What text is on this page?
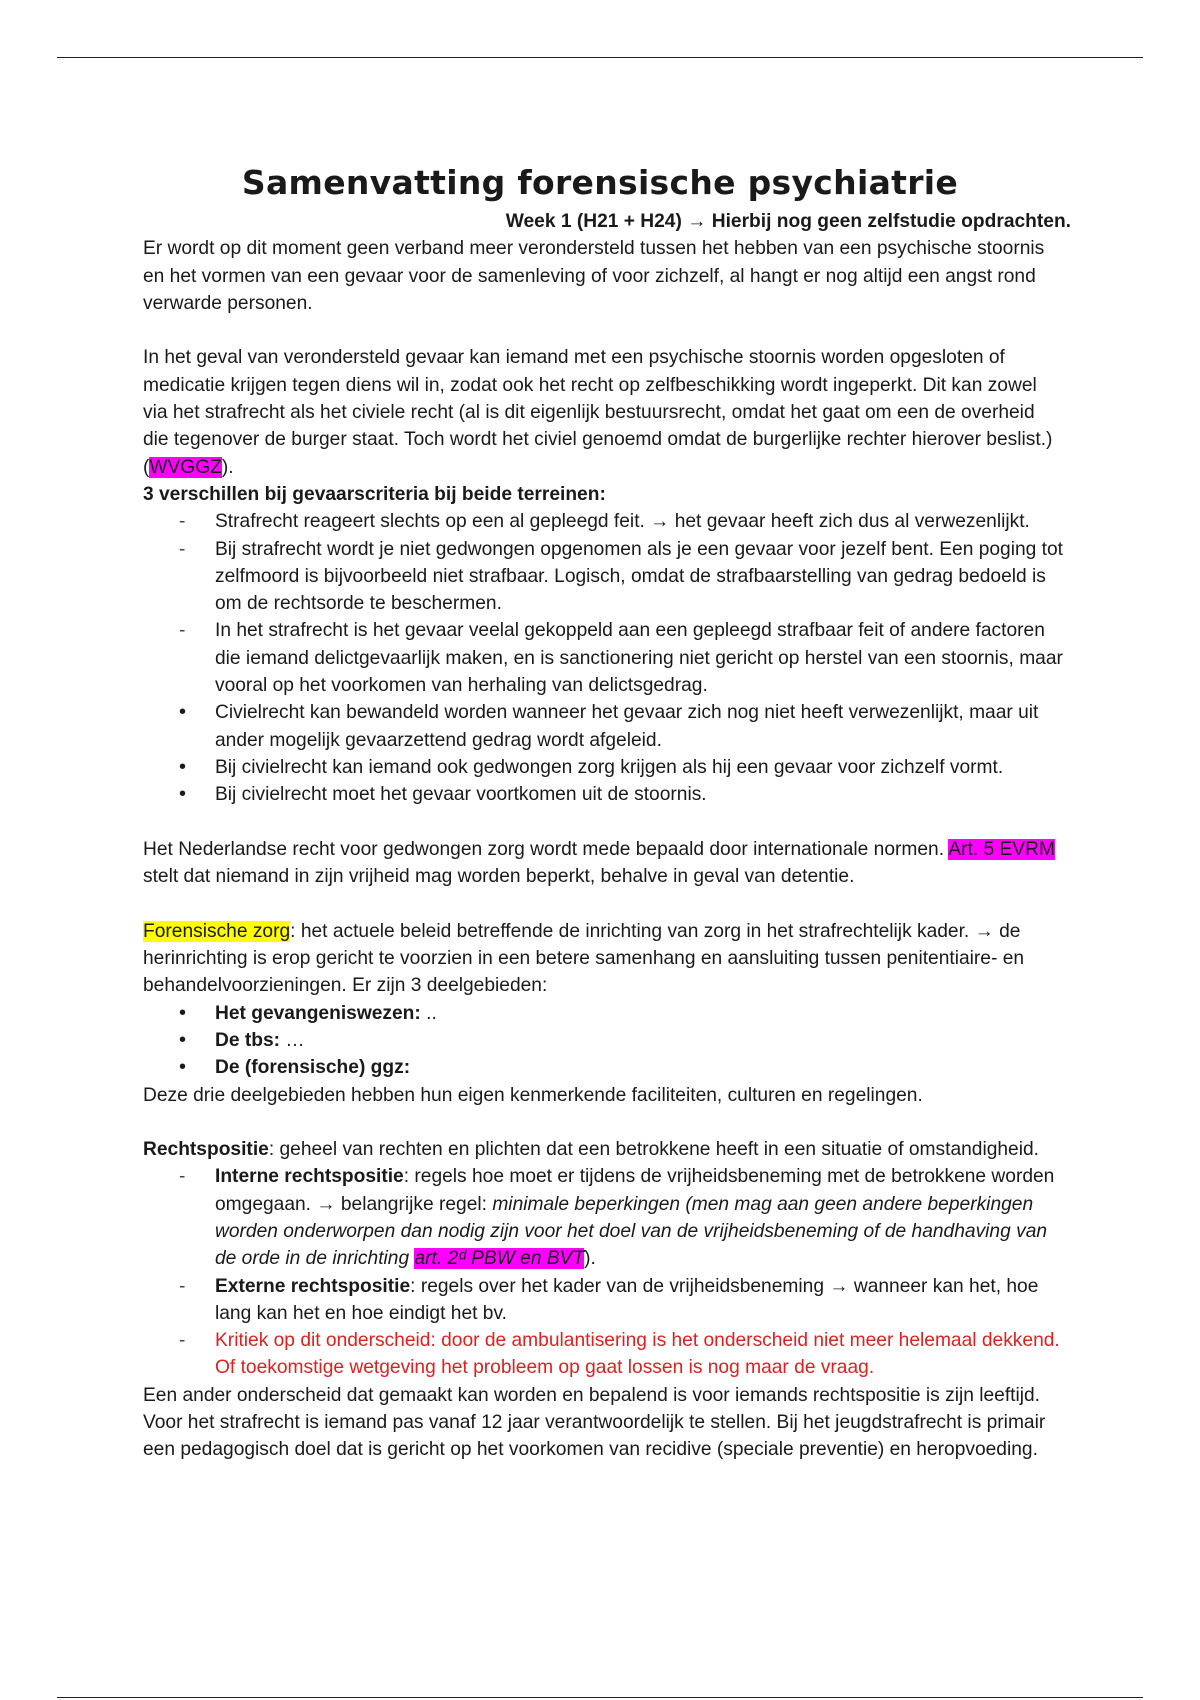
Samenvatting forensische psychiatrie

Week 1 (H21 + H24) → Hierbij nog geen zelfstudie opdrachten.

Er wordt op dit moment geen verband meer verondersteld tussen het hebben van een psychische stoornis en het vormen van een gevaar voor de samenleving of voor zichzelf, al hangt er nog altijd een angst rond verwarde personen.

In het geval van verondersteld gevaar kan iemand met een psychische stoornis worden opgesloten of medicatie krijgen tegen diens wil in, zodat ook het recht op zelfbeschikking wordt ingeperkt. Dit kan zowel via het strafrecht als het civiele recht (al is dit eigenlijk bestuursrecht, omdat het gaat om een de overheid die tegenover de burger staat. Toch wordt het civiel genoemd omdat de burgerlijke rechter hierover beslist.) (WVGGZ).

3 verschillen bij gevaarscriteria bij beide terreinen:

-	Strafrecht reageert slechts op een al gepleegd feit. → het gevaar heeft zich dus al verwezenlijkt.
-	Bij strafrecht wordt je niet gedwongen opgenomen als je een gevaar voor jezelf bent. Een poging tot zelfmoord is bijvoorbeeld niet strafbaar. Logisch, omdat de strafbaarstelling van gedrag bedoeld is om de rechtsorde te beschermen.
-	In het strafrecht is het gevaar veelal gekoppeld aan een gepleegd strafbaar feit of andere factoren die iemand delictgevaarlijk maken, en is sanctionering niet gericht op herstel van een stoornis, maar vooral op het voorkomen van herhaling van delictsgedrag.
•	Civielrecht kan bewandeld worden wanneer het gevaar zich nog niet heeft verwezenlijkt, maar uit ander mogelijk gevaarzettend gedrag wordt afgeleid.
•	Bij civielrecht kan iemand ook gedwongen zorg krijgen als hij een gevaar voor zichzelf vormt.
•	Bij civielrecht moet het gevaar voortkomen uit de stoornis.

Het Nederlandse recht voor gedwongen zorg wordt mede bepaald door internationale normen. Art. 5 EVRM stelt dat niemand in zijn vrijheid mag worden beperkt, behalve in geval van detentie.

Forensische zorg: het actuele beleid betreffende de inrichting van zorg in het strafrechtelijk kader. → de herinrichting is erop gericht te voorzien in een betere samenhang en aansluiting tussen penitentiaire- en behandelvoorzieningen. Er zijn 3 deelgebieden:

•	Het gevangeniswezen: ..
•	De tbs: …
•	De (forensische) ggz:

Deze drie deelgebieden hebben hun eigen kenmerkende faciliteiten, culturen en regelingen.

Rechtspositie: geheel van rechten en plichten dat een betrokkene heeft in een situatie of omstandigheid.

-	Interne rechtspositie: regels hoe moet er tijdens de vrijheidsbeneming met de betrokkene worden omgegaan. → belangrijke regel: minimale beperkingen (men mag aan geen andere beperkingen worden onderworpen dan nodig zijn voor het doel van de vrijheidsbeneming of de handhaving van de orde in de inrichting art. 2ᵈ PBW en BVT).
-	Externe rechtspositie: regels over het kader van de vrijheidsbeneming → wanneer kan het, hoe lang kan het en hoe eindigt het bv.
-	Kritiek op dit onderscheid: door de ambulantisering is het onderscheid niet meer helemaal dekkend. Of toekomstige wetgeving het probleem op gaat lossen is nog maar de vraag.

Een ander onderscheid dat gemaakt kan worden en bepalend is voor iemands rechtspositie is zijn leeftijd. Voor het strafrecht is iemand pas vanaf 12 jaar verantwoordelijk te stellen. Bij het jeugdstrafrecht is primair een pedagogisch doel dat is gericht op het voorkomen van recidive (speciale preventie) en heropvoeding.
